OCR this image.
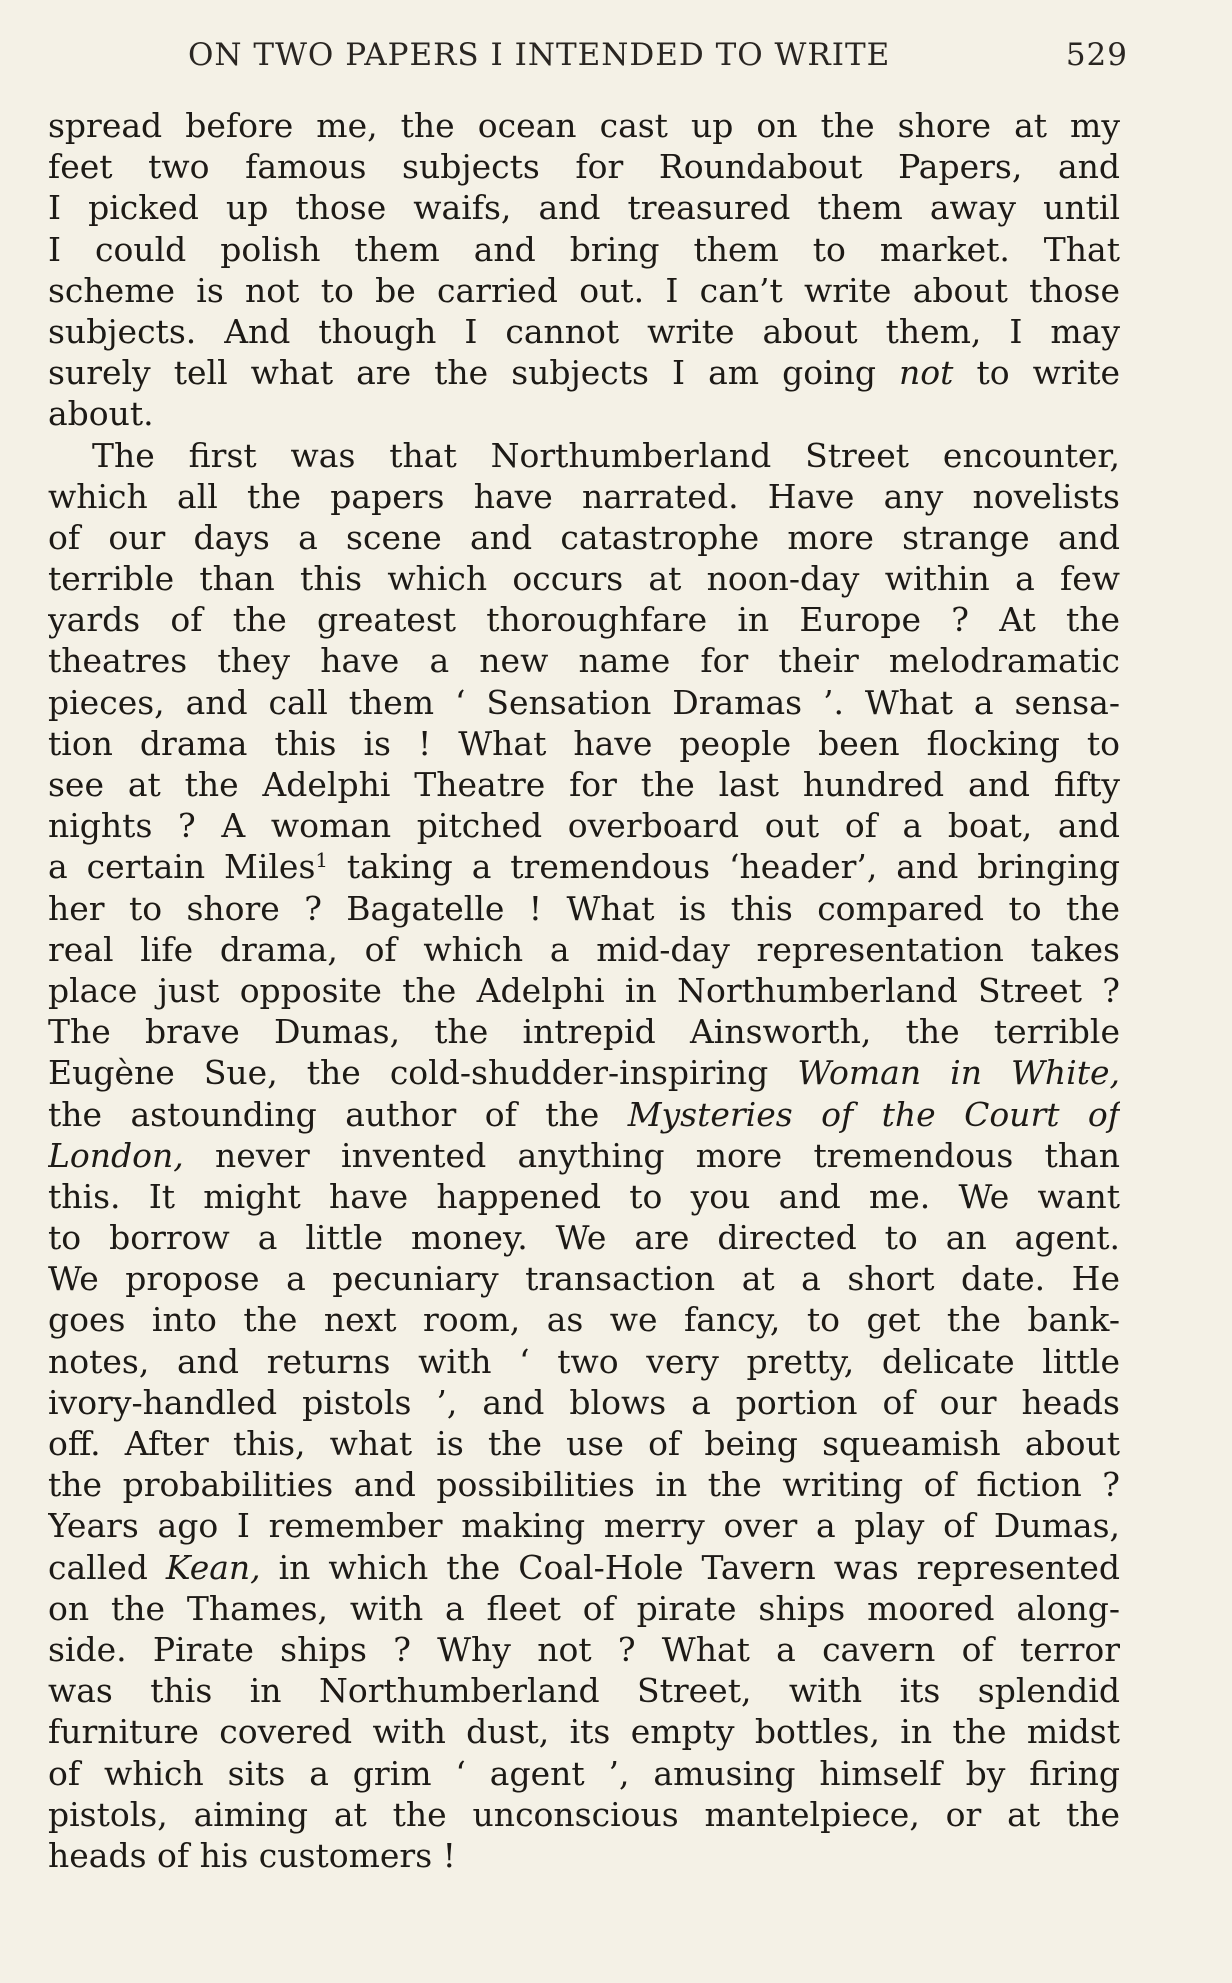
ON TWO PAPERS I INTENDED TO WRITE	529
spread before me, the ocean cast up on the shore at my
feet two famous subjects for Roundabout Papers, and
I picked up those waifs, and treasured them away until
I could polish them and bring them to market. That
scheme is not to be carried out. I can’t write about those
subjects. And though I cannot write about them, I may
surely tell what are the subjects I am going not to write
about.
The first was that Northumberland Street encounter,
which all the papers have narrated. Have any novelists
of our days a scene and catastrophe more strange and
terrible than this which occurs at noon-day within a few
yards of the greatest thoroughfare in Europe ? At the
theatres they have a new name for their melodramatic
pieces, and call them ‘ Sensation Dramas ’. What a sensa-
tion drama this is ! What have people been flocking to
see at the Adelphi Theatre for the last hundred and fifty
nights ? A woman pitched overboard out of a boat, and
a certain Miles$^1$ taking a tremendous ‘header’, and bringing
her to shore ? Bagatelle ! What is this compared to the
real life drama, of which a mid-day representation takes
place just opposite the Adelphi in Northumberland Street ?
The brave Dumas, the intrepid Ainsworth, the terrible
Eugène Sue, the cold-shudder-inspiring Woman in White,
the astounding author of the Mysteries of the Court of
London, never invented anything more tremendous than
this. It might have happened to you and me. We want
to borrow a little money. We are directed to an agent.
We propose a pecuniary transaction at a short date. He
goes into the next room, as we fancy, to get the bank-
notes, and returns with ‘ two very pretty, delicate little
ivory-handled pistols ’, and blows a portion of our heads
off. After this, what is the use of being squeamish about
the probabilities and possibilities in the writing of fiction ?
Years ago I remember making merry over a play of Dumas,
called Kean, in which the Coal-Hole Tavern was represented
on the Thames, with a fleet of pirate ships moored along-
side. Pirate ships ? Why not ? What a cavern of terror
was this in Northumberland Street, with its splendid
furniture covered with dust, its empty bottles, in the midst
of which sits a grim ‘ agent ’, amusing himself by firing
pistols, aiming at the unconscious mantelpiece, or at the
heads of his customers !
